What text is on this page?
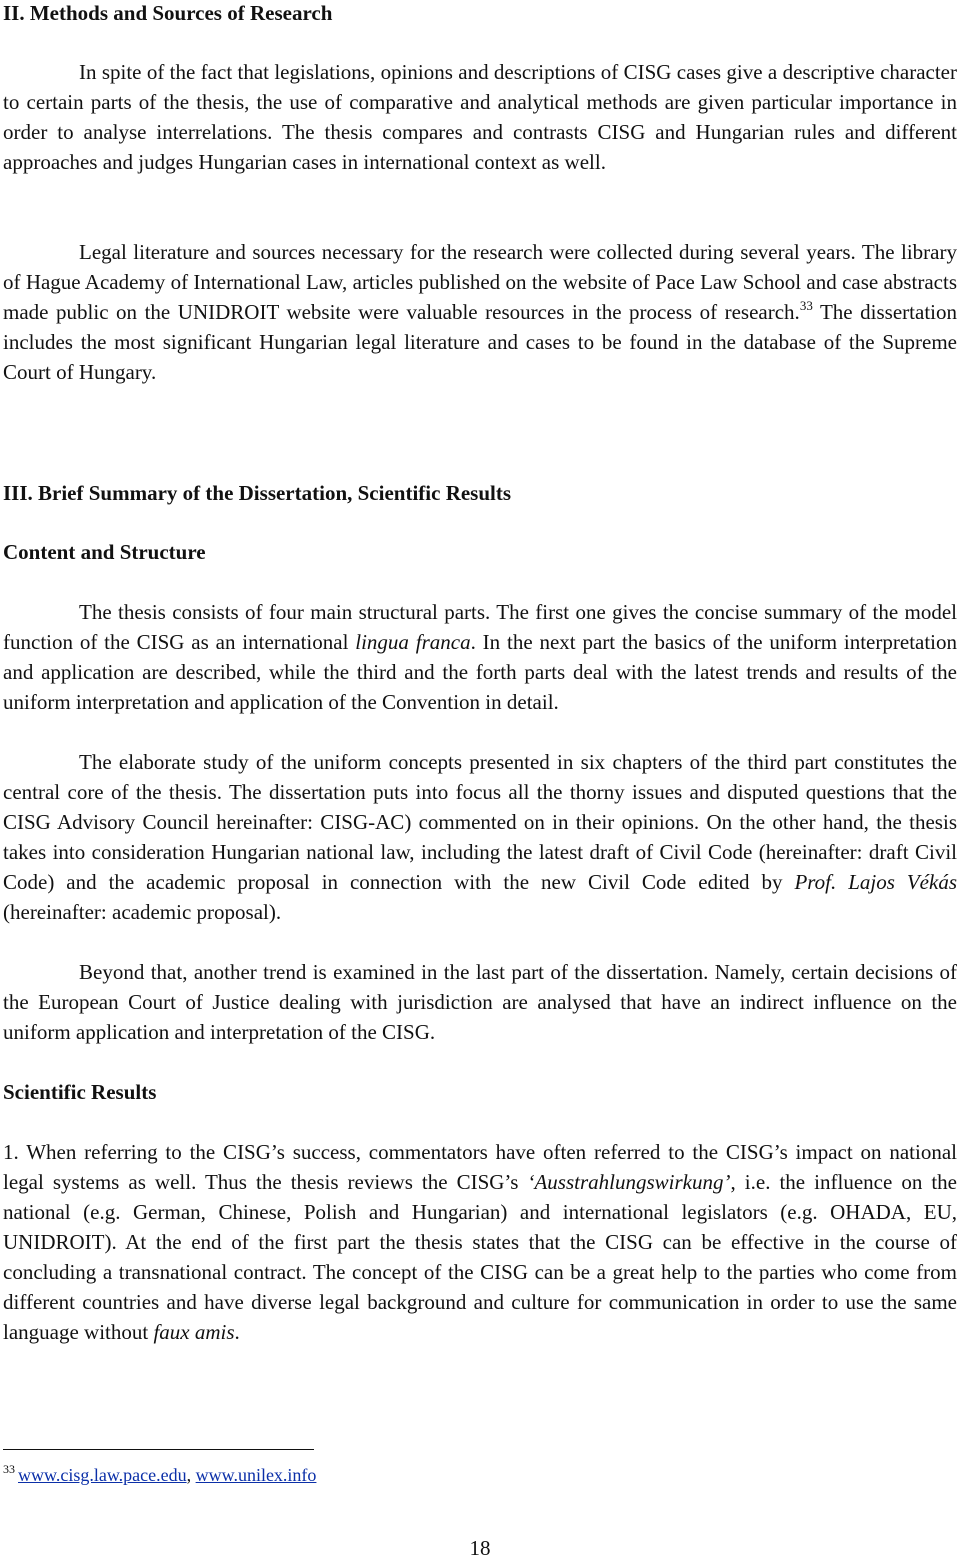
II. Methods and Sources of Research

In spite of the fact that legislations, opinions and descriptions of CISG cases give a descriptive character to certain parts of the thesis, the use of comparative and analytical methods are given particular importance in order to analyse interrelations. The thesis compares and contrasts CISG and Hungarian rules and different approaches and judges Hungarian cases in international context as well.

Legal literature and sources necessary for the research were collected during several years. The library of Hague Academy of International Law, articles published on the website of Pace Law School and case abstracts made public on the UNIDROIT website were valuable resources in the process of research.$^{33}$ The dissertation includes the most significant Hungarian legal literature and cases to be found in the database of the Supreme Court of Hungary.

III. Brief Summary of the Dissertation, Scientific Results
Content and Structure

The thesis consists of four main structural parts. The first one gives the concise summary of the model function of the CISG as an international lingua franca. In the next part the basics of the uniform interpretation and application are described, while the third and the forth parts deal with the latest trends and results of the uniform interpretation and application of the Convention in detail.

The elaborate study of the uniform concepts presented in six chapters of the third part constitutes the central core of the thesis. The dissertation puts into focus all the thorny issues and disputed questions that the CISG Advisory Council hereinafter: CISG-AC) commented on in their opinions. On the other hand, the thesis takes into consideration Hungarian national law, including the latest draft of Civil Code (hereinafter: draft Civil Code) and the academic proposal in connection with the new Civil Code edited by Prof. Lajos Vékás (hereinafter: academic proposal).

Beyond that, another trend is examined in the last part of the dissertation. Namely, certain decisions of the European Court of Justice dealing with jurisdiction are analysed that have an indirect influence on the uniform application and interpretation of the CISG.

Scientific Results

1. When referring to the CISG’s success, commentators have often referred to the CISG’s impact on national legal systems as well. Thus the thesis reviews the CISG’s ‘Ausstrahlungswirkung’, i.e. the influence on the national (e.g. German, Chinese, Polish and Hungarian) and international legislators (e.g. OHADA, EU, UNIDROIT). At the end of the first part the thesis states that the CISG can be effective in the course of concluding a transnational contract. The concept of the CISG can be a great help to the parties who come from different countries and have diverse legal background and culture for communication in order to use the same language without faux amis.

$^{33}$ www.cisg.law.pace.edu, www.unilex.info

18
